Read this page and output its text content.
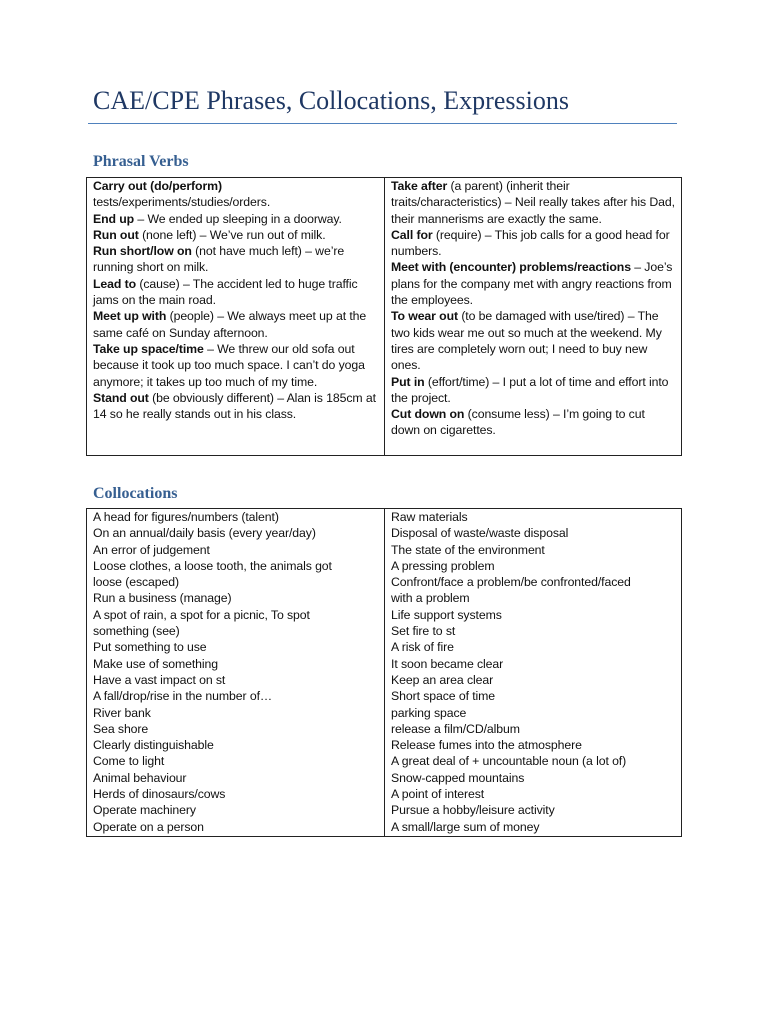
CAE/CPE Phrases, Collocations, Expressions
Phrasal Verbs
Carry out (do/perform) tests/experiments/studies/orders.
End up – We ended up sleeping in a doorway.
Run out (none left) – We’ve run out of milk.
Run short/low on (not have much left) – we’re running short on milk.
Lead to (cause) – The accident led to huge traffic jams on the main road.
Meet up with (people) – We always meet up at the same café on Sunday afternoon.
Take up space/time – We threw our old sofa out because it took up too much space. I can’t do yoga anymore; it takes up too much of my time.
Stand out (be obviously different) – Alan is 185cm at 14 so he really stands out in his class.
Take after (a parent) (inherit their traits/characteristics) – Neil really takes after his Dad, their mannerisms are exactly the same.
Call for (require) – This job calls for a good head for numbers.
Meet with (encounter) problems/reactions – Joe’s plans for the company met with angry reactions from the employees.
To wear out (to be damaged with use/tired) – The two kids wear me out so much at the weekend. My tires are completely worn out; I need to buy new ones.
Put in (effort/time) – I put a lot of time and effort into the project.
Cut down on (consume less) – I’m going to cut down on cigarettes.
Collocations
A head for figures/numbers (talent)
On an annual/daily basis (every year/day)
An error of judgement
Loose clothes, a loose tooth, the animals got
loose (escaped)
Run a business (manage)
A spot of rain, a spot for a picnic, To spot
something (see)
Put something to use
Make use of something
Have a vast impact on st
A fall/drop/rise in the number of…
River bank
Sea shore
Clearly distinguishable
Come to light
Animal behaviour
Herds of dinosaurs/cows
Operate machinery
Operate on a person
Raw materials
Disposal of waste/waste disposal
The state of the environment
A pressing problem
Confront/face a problem/be confronted/faced
with a problem
Life support systems
Set fire to st
A risk of fire
It soon became clear
Keep an area clear
Short space of time
parking space
release a film/CD/album
Release fumes into the atmosphere
A great deal of + uncountable noun (a lot of)
Snow-capped mountains
A point of interest
Pursue a hobby/leisure activity
A small/large sum of money
